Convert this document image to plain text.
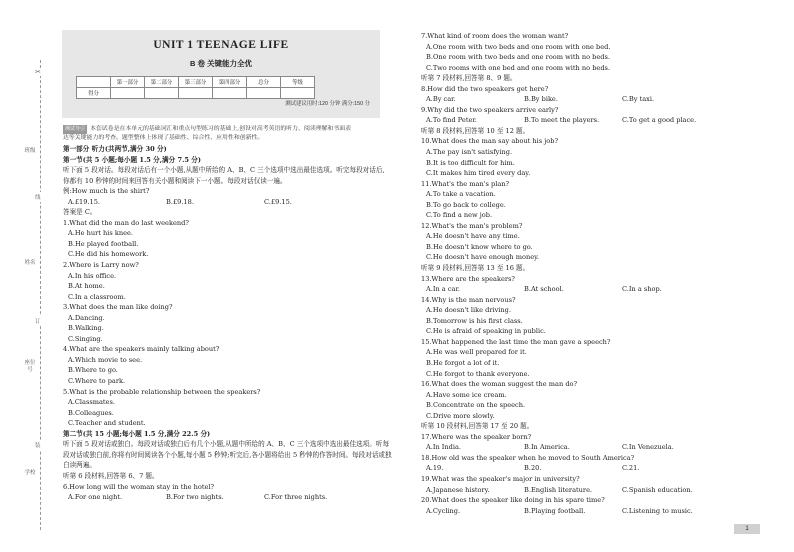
班级
姓名
座位号
学校
✂
线
订
装
UNIT 1 TEENAGE LIFE
B 卷 关键能力全优
	第一部分	第二部分	第三部分	第四部分	总分	等级
得分						
测试建议用时:120 分钟 满分:150 分
测试导引 本套试卷是在本单元的基础词汇和重点句型练习的基础上,创设对高考英语的听力、阅读理解和书面表
达等关键能力的考查。题型整体上体现了基础性、综合性、应用性和创新性。
第一部分 听力(共两节,满分 30 分)
第一节(共 5 小题;每小题 1.5 分,满分 7.5 分)
听下面 5 段对话。每段对话后有一个小题,从题中所给的 A、B、C 三个选项中选出最佳选项。听完每段对话后,
你都有 10 秒钟的时间来回答有关小题和阅读下一小题。每段对话仅读一遍。
例:How much is the shirt?
A.£19.15.	B.£9.18.	C.£9.15.
答案是 C。
1.What did the man do last weekend?
A.He hurt his knee.
B.He played football.
C.He did his homework.
2.Where is Larry now?
A.In his office.
B.At home.
C.In a classroom.
3.What does the man like doing?
A.Dancing.
B.Walking.
C.Singing.
4.What are the speakers mainly talking about?
A.Which movie to see.
B.Where to go.
C.Where to park.
5.What is the probable relationship between the speakers?
A.Classmates.
B.Colleagues.
C.Teacher and student.
第二节(共 15 小题;每小题 1.5 分,满分 22.5 分)
听下面 5 段对话或独白。每段对话或独白后有几个小题,从题中所给的 A、B、C 三个选项中选出最佳选项。听每
段对话或独白前,你将有时间阅读各个小题,每小题 5 秒钟;听完后,各小题将给出 5 秒钟的作答时间。每段对话或独
白读两遍。
听第 6 段材料,回答第 6、7 题。
6.How long will the woman stay in the hotel?
A.For one night.	B.For two nights.	C.For three nights.
7.What kind of room does the woman want?
A.One room with two beds and one room with one bed.
B.One room with two beds and one room with no beds.
C.Two rooms with one bed and one room with no beds.
听第 7 段材料,回答第 8、9 题。
8.How did the two speakers get here?
A.By car.	B.By bike.	C.By taxi.
9.Why did the two speakers arrive early?
A.To find Peter.	B.To meet the players.	C.To get a good place.
听第 8 段材料,回答第 10 至 12 题。
10.What does the man say about his job?
A.The pay isn't satisfying.
B.It is too difficult for him.
C.It makes him tired every day.
11.What's the man's plan?
A.To take a vacation.
B.To go back to college.
C.To find a new job.
12.What's the man's problem?
A.He doesn't have any time.
B.He doesn't know where to go.
C.He doesn't have enough money.
听第 9 段材料,回答第 13 至 16 题。
13.Where are the speakers?
A.In a car.	B.At school.	C.In a shop.
14.Why is the man nervous?
A.He doesn't like driving.
B.Tomorrow is his first class.
C.He is afraid of speaking in public.
15.What happened the last time the man gave a speech?
A.He was well prepared for it.
B.He forgot a lot of it.
C.He forgot to thank everyone.
16.What does the woman suggest the man do?
A.Have some ice cream.
B.Concentrate on the speech.
C.Drive more slowly.
听第 10 段材料,回答第 17 至 20 题。
17.Where was the speaker born?
A.In India.	B.In America.	C.In Venezuela.
18.How old was the speaker when he moved to South America?
A.19.	B.20.	C.21.
19.What was the speaker's major in university?
A.Japanese history.	B.English literature.	C.Spanish education.
20.What does the speaker like doing in his spare time?
A.Cycling.	B.Playing football.	C.Listening to music.
1
